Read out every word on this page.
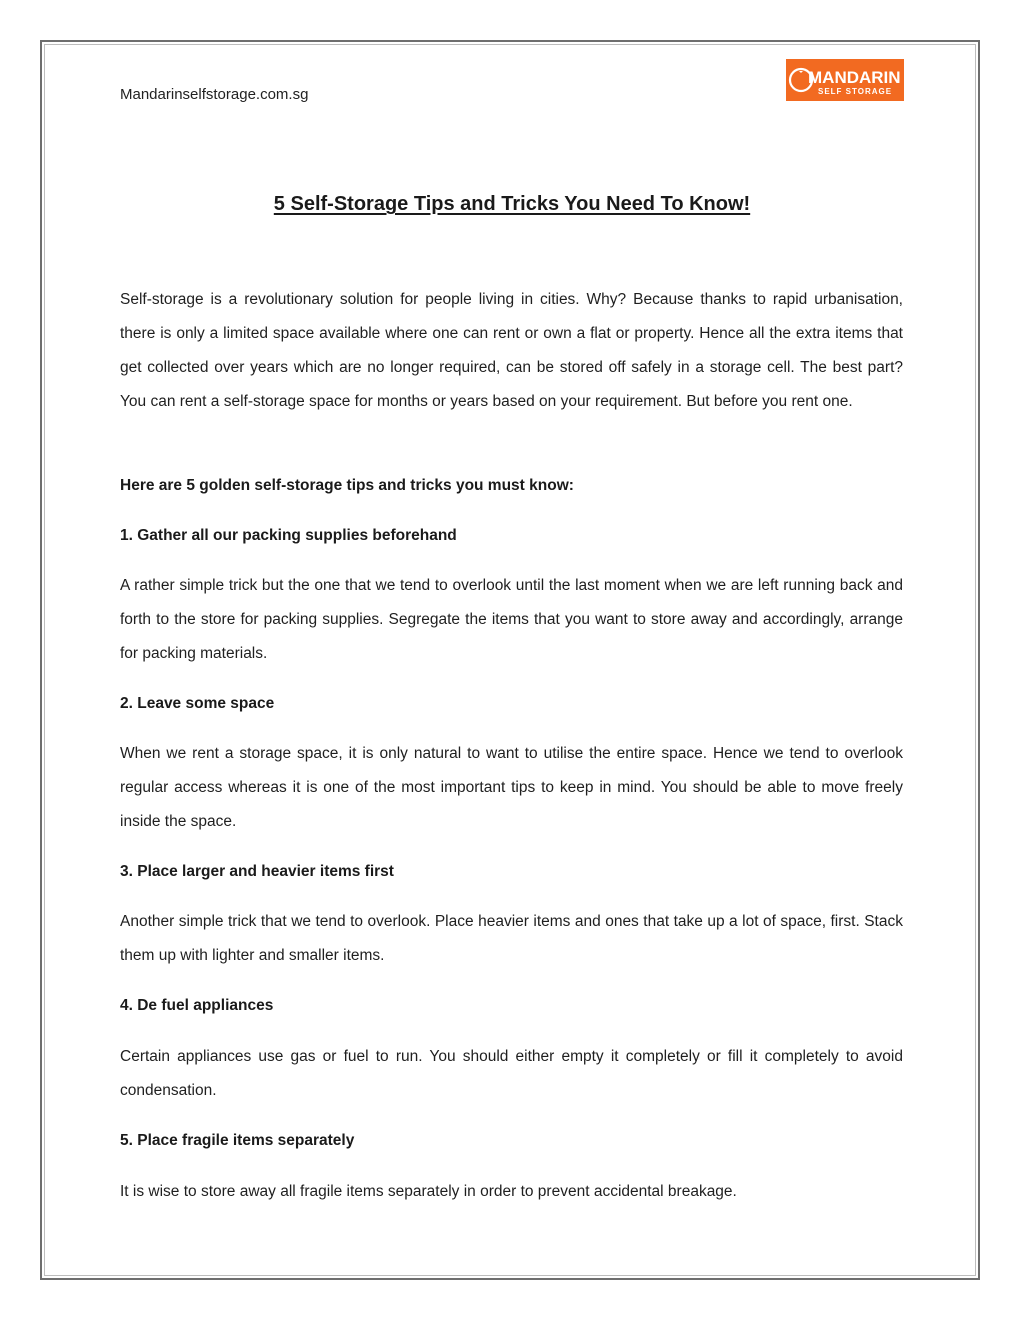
Mandarinselfstorage.com.sg
MANDARIN
SELF STORAGE
5 Self-Storage Tips and Tricks You Need To Know!

Self-storage is a revolutionary solution for people living in cities. Why? Because thanks to rapid urbanisation, there is only a limited space available where one can rent or own a flat or property. Hence all the extra items that get collected over years which are no longer required, can be stored off safely in a storage cell. The best part? You can rent a self-storage space for months or years based on your requirement. But before you rent one.

Here are 5 golden self-storage tips and tricks you must know:

1. Gather all our packing supplies beforehand

A rather simple trick but the one that we tend to overlook until the last moment when we are left running back and forth to the store for packing supplies. Segregate the items that you want to store away and accordingly, arrange for packing materials.

2. Leave some space

When we rent a storage space, it is only natural to want to utilise the entire space. Hence we tend to overlook regular access whereas it is one of the most important tips to keep in mind. You should be able to move freely inside the space.

3. Place larger and heavier items first

Another simple trick that we tend to overlook. Place heavier items and ones that take up a lot of space, first. Stack them up with lighter and smaller items.

4. De fuel appliances

Certain appliances use gas or fuel to run. You should either empty it completely or fill it completely to avoid condensation.

5. Place fragile items separately

It is wise to store away all fragile items separately in order to prevent accidental breakage.
